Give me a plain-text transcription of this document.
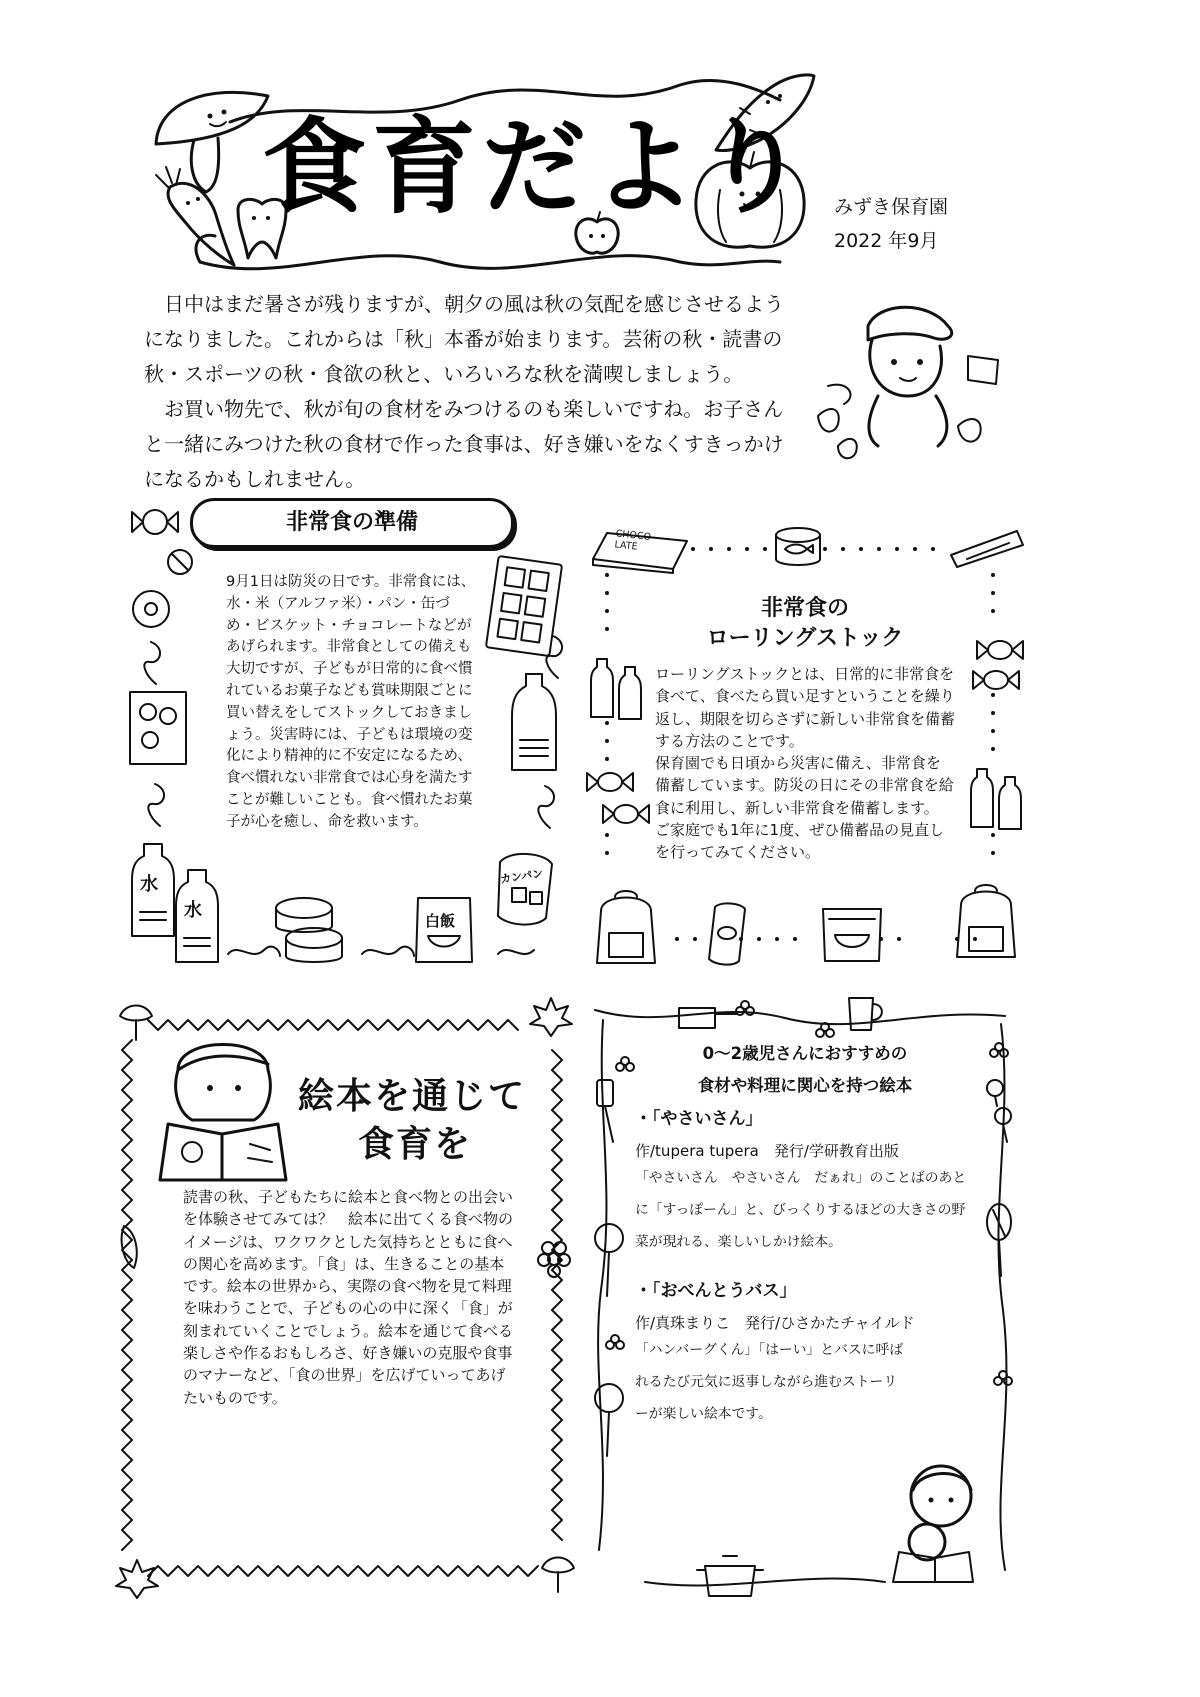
食育だより みずき保育園
2022 年9月

日中はまだ暑さが残りますが、朝夕の風は秋の気配を感じさせるようになりました。これからは「秋」本番が始まります。芸術の秋・読書の秋・スポーツの秋・食欲の秋と、いろいろな秋を満喫しましょう。

お買い物先で、秋が旬の食材をみつけるのも楽しいですね。お子さんと一緒にみつけた秋の食材で作った食事は、好き嫌いをなくすきっかけになるかもしれません。

非常食の準備
9月1日は防災の日です。非常食には、水・米（アルファ米）・パン・缶づめ・ビスケット・チョコレートなどがあげられます。非常食としての備えも大切ですが、子どもが日常的に食べ慣れているお菓子なども賞味期限ごとに買い替えをしてストックしておきましょう。災害時には、子どもは環境の変化により精神的に不安定になるため、食べ慣れない非常食では心身を満たすことが難しいことも。食べ慣れたお菓子が心を癒し、命を救います。
水
水	白飯
カンパン
CHOCO LATE
非常食の
ローリングストック
ローリングストックとは、日常的に非常食を食べて、食べたら買い足すということを繰り返し、期限を切らさずに新しい非常食を備蓄する方法のことです。
保育園でも日頃から災害に備え、非常食を備蓄しています。防災の日にその非常食を給食に利用し、新しい非常食を備蓄します。
ご家庭でも1年に1度、ぜひ備蓄品の見直しを行ってみてください。
絵本を通じて
食育を
読書の秋、子どもたちに絵本と食べ物との出会いを体験させてみては？　絵本に出てくる食べ物のイメージは、ワクワクとした気持ちとともに食への関心を高めます。「食」は、生きることの基本です。絵本の世界から、実際の食べ物を見て料理を味わうことで、子どもの心の中に深く「食」が刻まれていくことでしょう。絵本を通じて食べる楽しさや作るおもしろさ、好き嫌いの克服や食事のマナーなど、「食の世界」を広げていってあげたいものです。
0～2歳児さんにおすすめの
食材や料理に関心を持つ絵本
・「やさいさん」
作/tupera tupera　発行/学研教育出版
「やさいさん　やさいさん　だぁれ」のことばのあとに「すっぽーん」と、びっくりするほどの大きさの野菜が現れる、楽しいしかけ絵本。
・「おべんとうバス」
作/真珠まりこ　発行/ひさかたチャイルド
「ハンバーグくん」「はーい」とバスに呼ばれるたび元気に返事しながら進むストーリーが楽しい絵本です。
